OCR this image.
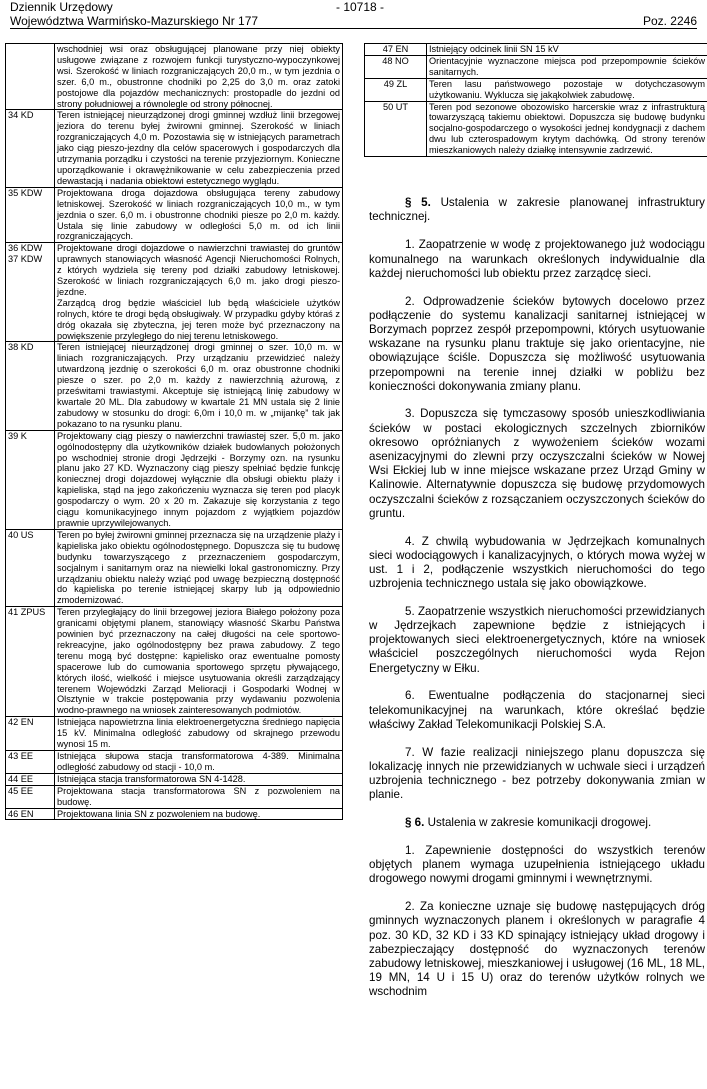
Dziennik Urzędowy
Województwa Warmińsko-Mazurskiego Nr 177
- 10718 -
Poz. 2246
	wschodniej wsi oraz obsługującej planowane przy niej obiekty usługowe związane z rozwojem funkcji turystyczno-wypoczynkowej wsi. Szerokość w liniach rozgraniczających 20,0 m., w tym jezdnia o szer. 6,0 m., obustronne chodniki po 2,25 do 3,0 m. oraz zatoki postojowe dla pojazdów mechanicznych: prostopadle do jezdni od strony południowej a równolegle od strony północnej.
34 KD	Teren istniejącej nieurządzonej drogi gminnej wzdłuż linii brzegowej jeziora do terenu byłej żwirowni gminnej. Szerokość w liniach rozgraniczających 4,0 m. Pozostawia się w istniejących parametrach jako ciąg pieszo-jezdny dla celów spacerowych i gospodarczych dla utrzymania porządku i czystości na terenie przyjeziornym. Konieczne uporządkowanie i okrawężnikowanie w celu zabezpieczenia przed dewastacją i nadania obiektowi estetycznego wyglądu.
35 KDW	Projektowana droga dojazdowa obsługująca tereny zabudowy letniskowej. Szerokość w liniach rozgraniczających 10,0 m., w tym jezdnia o szer. 6,0 m. i obustronne chodniki piesze po 2,0 m. każdy. Ustala się linie zabudowy w odległości 5,0 m. od ich linii rozgraniczających.
36 KDW
37 KDW	Projektowane drogi dojazdowe o nawierzchni trawiastej do gruntów uprawnych stanowiących własność Agencji Nieruchomości Rolnych, z których wydziela się tereny pod działki zabudowy letniskowej. Szerokość w liniach rozgraniczających 6,0 m. jako drogi pieszo-jezdne.
Zarządcą drog będzie właściciel lub będą właściciele użytków rolnych, które te drogi będą obsługiwały. W przypadku gdyby któraś z dróg okazała się zbyteczna, jej teren może być przeznaczony na powiększenie przyległego do niej terenu letniskowego.
38 KD	Teren istniejącej nieurządzonej drogi gminnej o szer. 10,0 m. w liniach rozgraniczających. Przy urządzaniu przewidzieć należy utwardzoną jezdnię o szerokości 6,0 m. oraz obustronne chodniki piesze o szer. po 2,0 m. każdy z nawierzchnią ażurową, z prześwitami trawiastymi. Akceptuje się istniejącą linię zabudowy w kwartale 20 ML. Dla zabudowy w kwartale 21 MN ustala się 2 linie zabudowy w stosunku do drogi: 6,0m i 10,0 m. w „mijankę” tak jak pokazano to na rysunku planu.
39 K	Projektowany ciąg pieszy o nawierzchni trawiastej szer. 5,0 m. jako ogólnodostępny dla użytkowników działek budowlanych położonych po wschodniej stronie drogi Jędrzejki - Borzymy ozn. na rysunku planu jako 27 KD. Wyznaczony ciąg pieszy spełniać będzie funkcję koniecznej drogi dojazdowej wyłącznie dla obsługi obiektu plaży i kąpieliska, stąd na jego zakończeniu wyznacza się teren pod placyk gospodarczy o wym. 20 x 20 m. Zakazuje się korzystania z tego ciągu komunikacyjnego innym pojazdom z wyjątkiem pojazdów prawnie uprzywilejowanych.
40 US	Teren po byłej żwirowni gminnej przeznacza się na urządzenie plaży i kąpieliska jako obiektu ogólnodostępnego. Dopuszcza się tu budowę budynku towarzyszącego z przeznaczeniem gospodarczym, socjalnym i sanitarnym oraz na niewielki lokal gastronomiczny. Przy urządzaniu obiektu należy wziąć pod uwagę bezpieczną dostępność do kąpieliska po terenie istniejącej skarpy lub ją odpowiednio zmodernizować.
41 ZPUS	Teren przyległający do linii brzegowej jeziora Białego położony poza granicami objętymi planem, stanowiący własność Skarbu Państwa powinien być przeznaczony na całej długości na cele sportowo-rekreacyjne, jako ogólnodostępny bez prawa zabudowy. Z tego terenu mogą być dostępne: kąpielisko oraz ewentualne pomosty spacerowe lub do cumowania sportowego sprzętu pływającego, których ilość, wielkość i miejsce usytuowania określi zarządzający terenem Wojewódzki Zarząd Melioracji i Gospodarki Wodnej w Olsztynie w trakcie postępowania przy wydawaniu pozwolenia wodno-prawnego na wniosek zainteresowanych podmiotów.
42 EN	Istniejąca napowietrzna linia elektroenergetyczna średniego napięcia 15 kV. Minimalna odległość zabudowy od skrajnego przewodu wynosi 15 m.
43 EE	Istniejąca słupowa stacja transformatorowa 4-389. Minimalna odległość zabudowy od stacji - 10,0 m.
44 EE	Istniejąca stacja transformatorowa SN 4-1428.
45 EE	Projektowana stacja transformatorowa SN z pozwoleniem na budowę.
46 EN	Projektowana linia SN z pozwoleniem na budowę.
47 EN	Istniejący odcinek linii SN 15 kV
48 NO	Orientacyjnie wyznaczone miejsca pod przepompownie ścieków sanitarnych.
49 ZL	Teren lasu państwowego pozostaje w dotychczasowym użytkowaniu. Wyklucza się jakąkolwiek zabudowę.
50 UT	Teren pod sezonowe obozowisko harcerskie wraz z infrastrukturą towarzyszącą takiemu obiektowi. Dopuszcza się budowę budynku socjalno-gospodarczego o wysokości jednej kondygnacji z dachem dwu lub czterospadowym krytym dachówką. Od strony terenów mieszkaniowych należy działkę intensywnie zadrzewić.

§ 5. Ustalenia w zakresie planowanej infrastruktury technicznej.

1. Zaopatrzenie w wodę z projektowanego już wodociągu komunalnego na warunkach określonych indywidualnie dla każdej nieruchomości lub obiektu przez zarządcę sieci.

2. Odprowadzenie ścieków bytowych docelowo przez podłączenie do systemu kanalizacji sanitarnej istniejącej w Borzymach poprzez zespół przepompowni, których usytuowanie wskazane na rysunku planu traktuje się jako orientacyjne, nie obowiązujące ściśle. Dopuszcza się możliwość usytuowania przepompowni na terenie innej działki w pobliżu bez konieczności dokonywania zmiany planu.

3. Dopuszcza się tymczasowy sposób unieszkodliwiania ścieków w postaci ekologicznych szczelnych zbiorników okresowo opróżnianych z wywożeniem ścieków wozami asenizacyjnymi do zlewni przy oczyszczalni ścieków w Nowej Wsi Ełckiej lub w inne miejsce wskazane przez Urząd Gminy w Kalinowie. Alternatywnie dopuszcza się budowę przydomowych oczyszczalni ścieków z rozsączaniem oczyszczonych ścieków do gruntu.

4. Z chwilą wybudowania w Jędrzejkach komunalnych sieci wodociągowych i kanalizacyjnych, o których mowa wyżej w ust. 1 i 2, podłączenie wszystkich nieruchomości do tego uzbrojenia technicznego ustala się jako obowiązkowe.

5. Zaopatrzenie wszystkich nieruchomości przewidzianych w Jędrzejkach zapewnione będzie z istniejących i projektowanych sieci elektroenergetycznych, które na wniosek właściciel poszczególnych nieruchomości wyda Rejon Energetyczny w Ełku.

6. Ewentualne podłączenia do stacjonarnej sieci telekomunikacyjnej na warunkach, które określać będzie właściwy Zakład Telekomunikacji Polskiej S.A.

7. W fazie realizacji niniejszego planu dopuszcza się lokalizację innych nie przewidzianych w uchwale sieci i urządzeń uzbrojenia technicznego - bez potrzeby dokonywania zmian w planie.

§ 6. Ustalenia w zakresie komunikacji drogowej.

1. Zapewnienie dostępności do wszystkich terenów objętych planem wymaga uzupełnienia istniejącego układu drogowego nowymi drogami gminnymi i wewnętrznymi.

2. Za konieczne uznaje się budowę następujących dróg gminnych wyznaczonych planem i określonych w paragrafie 4 poz. 30 KD, 32 KD i 33 KD spinający istniejący układ drogowy i zabezpieczający dostępność do wyznaczonych terenów zabudowy letniskowej, mieszkaniowej i usługowej (16 ML, 18 ML, 19 MN, 14 U i 15 U) oraz do terenów użytków rolnych we wschodnim
